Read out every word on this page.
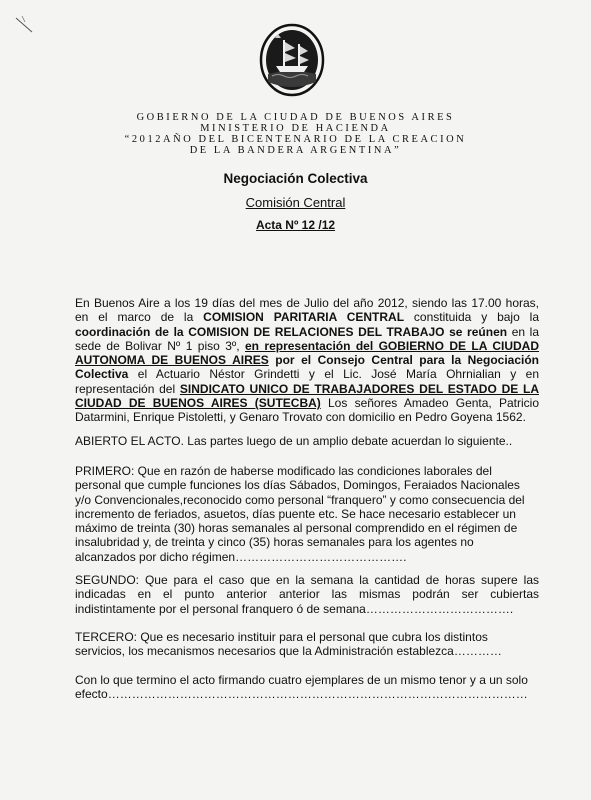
GOBIERNO DE LA CIUDAD DE BUENOS AIRES
MINISTERIO DE HACIENDA
“2012AÑO DEL BICENTENARIO DE LA CREACION
DE LA BANDERA ARGENTINA”
Negociación Colectiva
Comisión Central
Acta Nº 12 /12
En Buenos Aire a los 19 días del mes de Julio del año 2012, siendo las 17.00 horas,
en el marco de la COMISION PARITARIA CENTRAL constituida y bajo la
coordinación de la COMISION DE RELACIONES DEL TRABAJO se reúnen en la
sede de Bolivar Nº 1 piso 3º, en representación del GOBIERNO DE LA CIUDAD
AUTONOMA DE BUENOS AIRES por el Consejo Central para la Negociación
Colectiva el Actuario Néstor Grindetti y el Lic. José María Ohrnialian y en
representación del SINDICATO UNICO DE TRABAJADORES DEL ESTADO DE LA
CIUDAD DE BUENOS AIRES (SUTECBA) Los señores Amadeo Genta, Patricio
Datarmini, Enrique Pistoletti, y Genaro Trovato con domicilio en Pedro Goyena 1562.
ABIERTO EL ACTO. Las partes luego de un amplio debate acuerdan lo siguiente..
PRIMERO: Que en razón de haberse modificado las condiciones laborales del
personal que cumple funciones los días Sábados, Domingos, Feraiados Nacionales
y/o Convencionales,reconocido como personal “franquero” y como consecuencia del
incremento de feriados, asuetos, días puente etc. Se hace necesario establecer un
máximo de treinta (30) horas semanales al personal comprendido en el régimen de
insalubridad y, de treinta y cinco (35) horas semanales para los agentes no
alcanzados por dicho régimen…………………………………….
SEGUNDO: Que para el caso que en la semana la cantidad de horas supere las
indicadas en el punto anterior anterior las mismas podrán ser cubiertas
indistintamente por el personal franquero ó de semana……………………………….
TERCERO: Que es necesario instituir para el personal que cubra los distintos
servicios, los mecanismos necesarios que la Administración establezca…………
Con lo que termino el acto firmando cuatro ejemplares de un mismo tenor y a un solo
efecto……………………………………………………………………………………………
